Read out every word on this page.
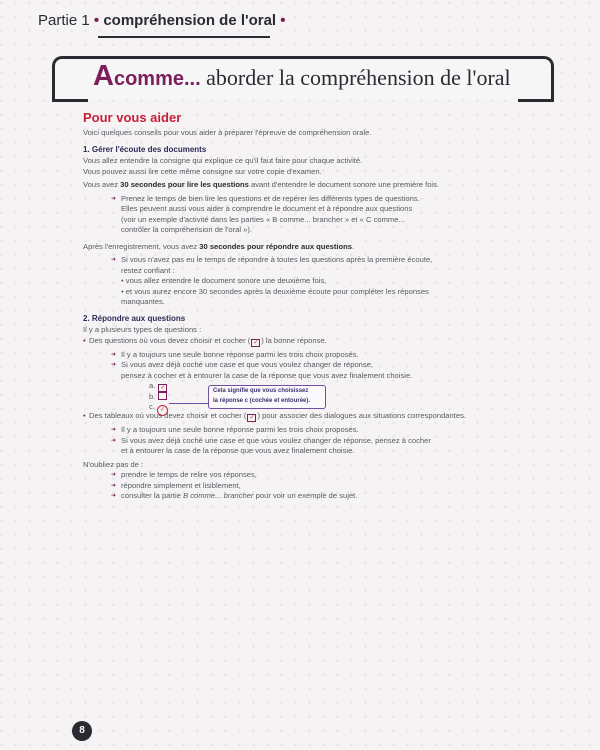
Partie 1 • compréhension de l'oral •
Acomme... aborder la compréhension de l'oral
Pour vous aider

Voici quelques conseils pour vous aider à préparer l'épreuve de compréhension orale.

1. Gérer l'écoute des documents

Vous allez entendre la consigne qui explique ce qu'il faut faire pour chaque activité.

Vous pouvez aussi lire cette même consigne sur votre copie d'examen.

Vous avez 30 secondes pour lire les questions avant d'entendre le document sonore une première fois.

➜ Prenez le temps de bien lire les questions et de repérer les différents types de questions.

Elles peuvent aussi vous aider à comprendre le document et à répondre aux questions

(voir un exemple d'activité dans les parties « B comme... brancher » et « C comme...

contrôler la compréhension de l'oral »).

Après l'enregistrement, vous avez 30 secondes pour répondre aux questions.

➜ Si vous n'avez pas eu le temps de répondre à toutes les questions après la première écoute,

restez confiant :

• vous allez entendre le document sonore une deuxième fois,

• et vous aurez encore 30 secondes après la deuxième écoute pour compléter les réponses

manquantes.

2. Répondre aux questions

Il y a plusieurs types de questions :

• Des questions où vous devez choisir et cocher ( ✓ ) la bonne réponse.

➜ Il y a toujours une seule bonne réponse parmi les trois choix proposés.

➜ Si vous avez déjà coché une case et que vous voulez changer de réponse,

pensez à cocher et à entourer la case de la réponse que vous avez finalement choisie.

a. ✓
b.
c. ✓
Cela signifie que vous choisissez
la réponse c (cochée et entourée).

• Des tableaux où vous devez choisir et cocher ( ✓ ) pour associer des dialogues aux situations correspondantes.

➜ Il y a toujours une seule bonne réponse parmi les trois choix proposés.

➜ Si vous avez déjà coché une case et que vous voulez changer de réponse, pensez à cocher

et à entourer la case de la réponse que vous avez finalement choisie.

N'oubliez pas de :

➜ prendre le temps de relire vos réponses,

➜ répondre simplement et lisiblement,

➜ consulter la partie B comme... brancher pour voir un exemple de sujet.

8
